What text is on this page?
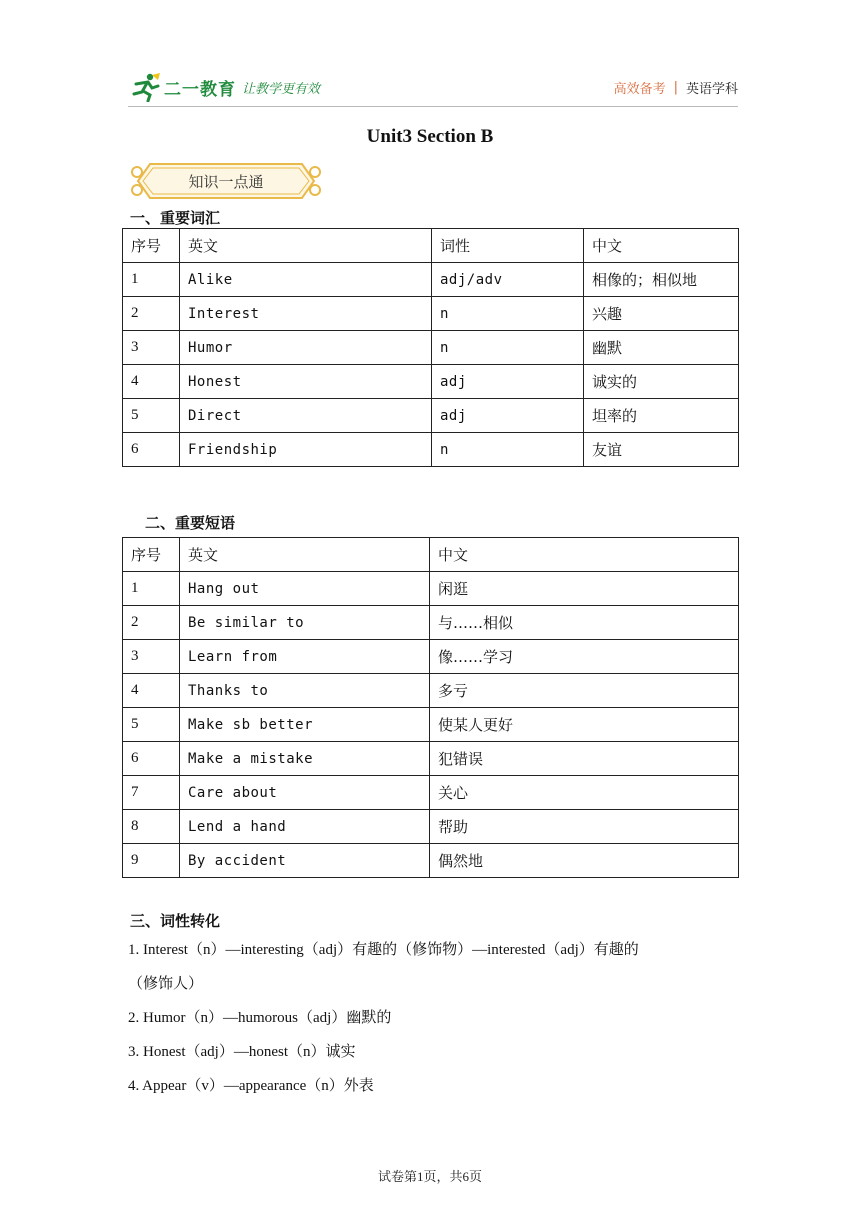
二一教育 让教学更有效	高效备考 | 英语学科
Unit3 Section B
知识一点通
一、重要词汇
序号	英文	词性	中文
1	Alike	adj/adv	相像的；相似地
2	Interest	n	兴趣
3	Humor	n	幽默
4	Honest	adj	诚实的
5	Direct	adj	坦率的
6	Friendship	n	友谊
二、重要短语
序号	英文	中文
1	Hang out	闲逛
2	Be similar to	与……相似
3	Learn from	像……学习
4	Thanks to	多亏
5	Make sb better	使某人更好
6	Make a mistake	犯错误
7	Care about	关心
8	Lend a hand	帮助
9	By accident	偶然地
三、词性转化
1. Interest（n）—interesting（adj）有趣的（修饰物）—interested（adj）有趣的
（修饰人）
2. Humor（n）—humorous（adj）幽默的
3. Honest（adj）—honest（n）诚实
4. Appear（v）—appearance（n）外表
试卷第1页，共6页
